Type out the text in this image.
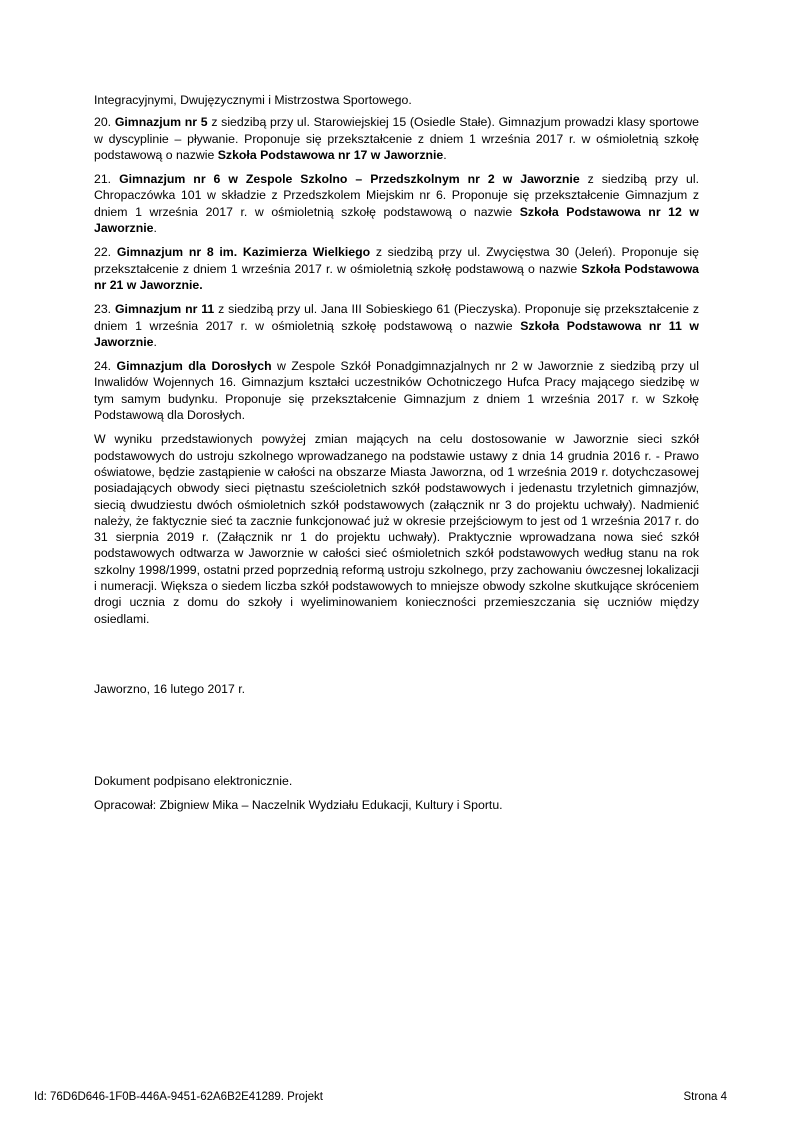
Integracyjnymi, Dwujęzycznymi i Mistrzostwa Sportowego.

20. Gimnazjum nr 5 z siedzibą przy ul. Starowiejskiej 15 (Osiedle Stałe). Gimnazjum prowadzi klasy sportowe w dyscyplinie – pływanie. Proponuje się przekształcenie z dniem 1 września 2017 r. w ośmioletnią szkołę podstawową o nazwie Szkoła Podstawowa nr 17 w Jaworznie.

21. Gimnazjum nr 6 w Zespole Szkolno – Przedszkolnym nr 2 w Jaworznie z siedzibą przy ul. Chropaczówka 101 w składzie z Przedszkolem Miejskim nr 6. Proponuje się przekształcenie Gimnazjum z dniem 1 września 2017 r. w ośmioletnią szkołę podstawową o nazwie Szkoła Podstawowa nr 12 w Jaworznie.

22. Gimnazjum nr 8 im. Kazimierza Wielkiego z siedzibą przy ul. Zwycięstwa 30 (Jeleń). Proponuje się przekształcenie z dniem 1 września 2017 r. w ośmioletnią szkołę podstawową o nazwie Szkoła Podstawowa nr 21 w Jaworznie.

23. Gimnazjum nr 11 z siedzibą przy ul. Jana III Sobieskiego 61 (Pieczyska). Proponuje się przekształcenie z dniem 1 września 2017 r. w ośmioletnią szkołę podstawową o nazwie Szkoła Podstawowa nr 11 w Jaworznie.

24. Gimnazjum dla Dorosłych w Zespole Szkół Ponadgimnazjalnych nr 2 w Jaworznie z siedzibą przy ul Inwalidów Wojennych 16. Gimnazjum kształci uczestników Ochotniczego Hufca Pracy mającego siedzibę w tym samym budynku. Proponuje się przekształcenie Gimnazjum z dniem 1 września 2017 r. w Szkołę Podstawową dla Dorosłych.

W wyniku przedstawionych powyżej zmian mających na celu dostosowanie w Jaworznie sieci szkół podstawowych do ustroju szkolnego wprowadzanego na podstawie ustawy z dnia 14 grudnia 2016 r. - Prawo oświatowe, będzie zastąpienie w całości na obszarze Miasta Jaworzna, od 1 września 2019 r. dotychczasowej posiadających obwody sieci piętnastu sześcioletnich szkół podstawowych i jedenastu trzyletnich gimnazjów, siecią dwudziestu dwóch ośmioletnich szkół podstawowych (załącznik nr 3 do projektu uchwały). Nadmienić należy, że faktycznie sieć ta zacznie funkcjonować już w okresie przejściowym to jest od 1 września 2017 r. do 31 sierpnia 2019 r. (Załącznik nr 1 do projektu uchwały). Praktycznie wprowadzana nowa sieć szkół podstawowych odtwarza w Jaworznie w całości sieć ośmioletnich szkół podstawowych według stanu na rok szkolny 1998/1999, ostatni przed poprzednią reformą ustroju szkolnego, przy zachowaniu ówczesnej lokalizacji i numeracji. Większa o siedem liczba szkół podstawowych to mniejsze obwody szkolne skutkujące skróceniem drogi ucznia z domu do szkoły i wyeliminowaniem konieczności przemieszczania się uczniów między osiedlami.

Jaworzno, 16 lutego 2017 r.
Dokument podpisano elektronicznie.
Opracował: Zbigniew Mika – Naczelnik Wydziału Edukacji, Kultury i Sportu.
Id: 76D6D646-1F0B-446A-9451-62A6B2E41289. Projekt	Strona 4
